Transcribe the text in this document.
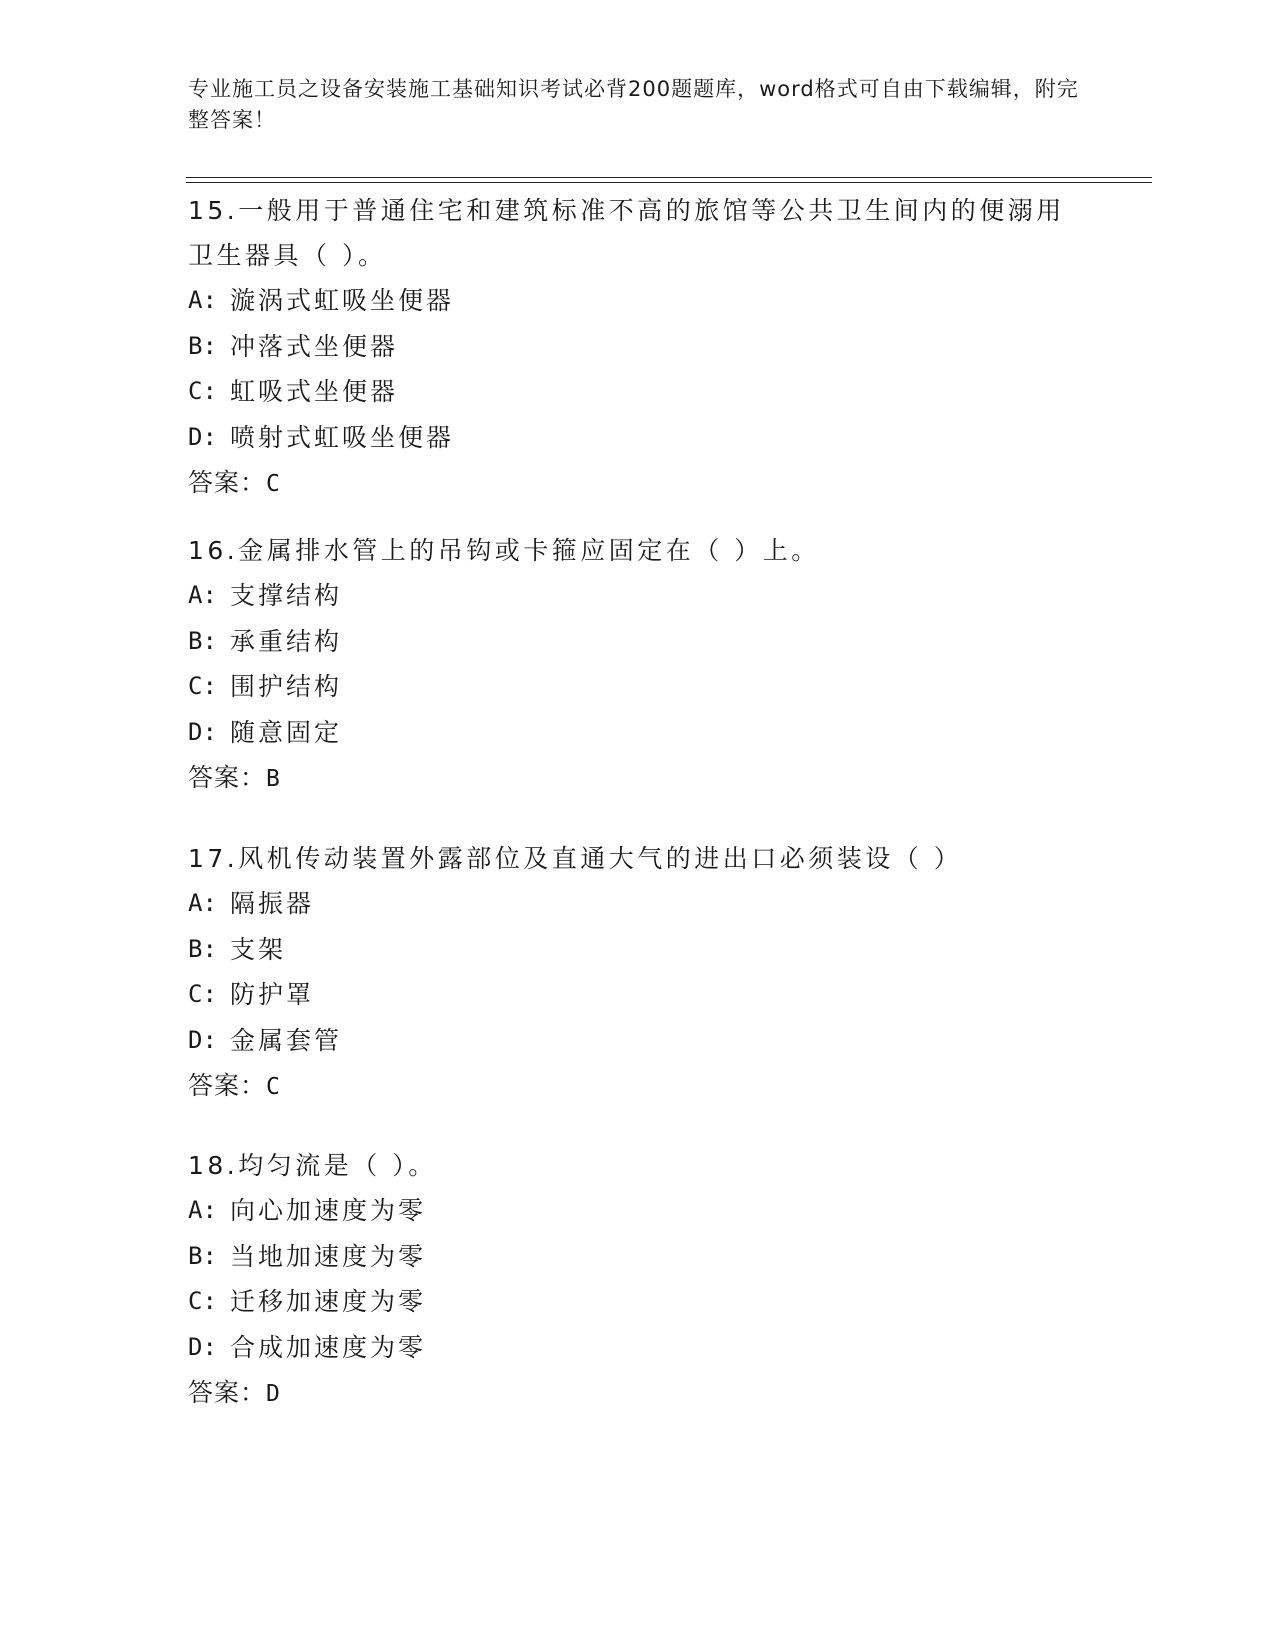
专业施工员之设备安装施工基础知识考试必背200题题库，word格式可自由下载编辑，附完整答案！

15.一般用于普通住宅和建筑标准不高的旅馆等公共卫生间内的便溺用卫生器具（ ）。

A: 漩涡式虹吸坐便器
B: 冲落式坐便器
C: 虹吸式坐便器
D: 喷射式虹吸坐便器
答案：C

16.金属排水管上的吊钩或卡箍应固定在（ ）上。

A: 支撑结构
B: 承重结构
C: 围护结构
D: 随意固定
答案：B

17.风机传动装置外露部位及直通大气的进出口必须装设（ ）

A: 隔振器
B: 支架
C: 防护罩
D: 金属套管
答案：C

18.均匀流是（ ）。

A: 向心加速度为零
B: 当地加速度为零
C: 迁移加速度为零
D: 合成加速度为零
答案：D
